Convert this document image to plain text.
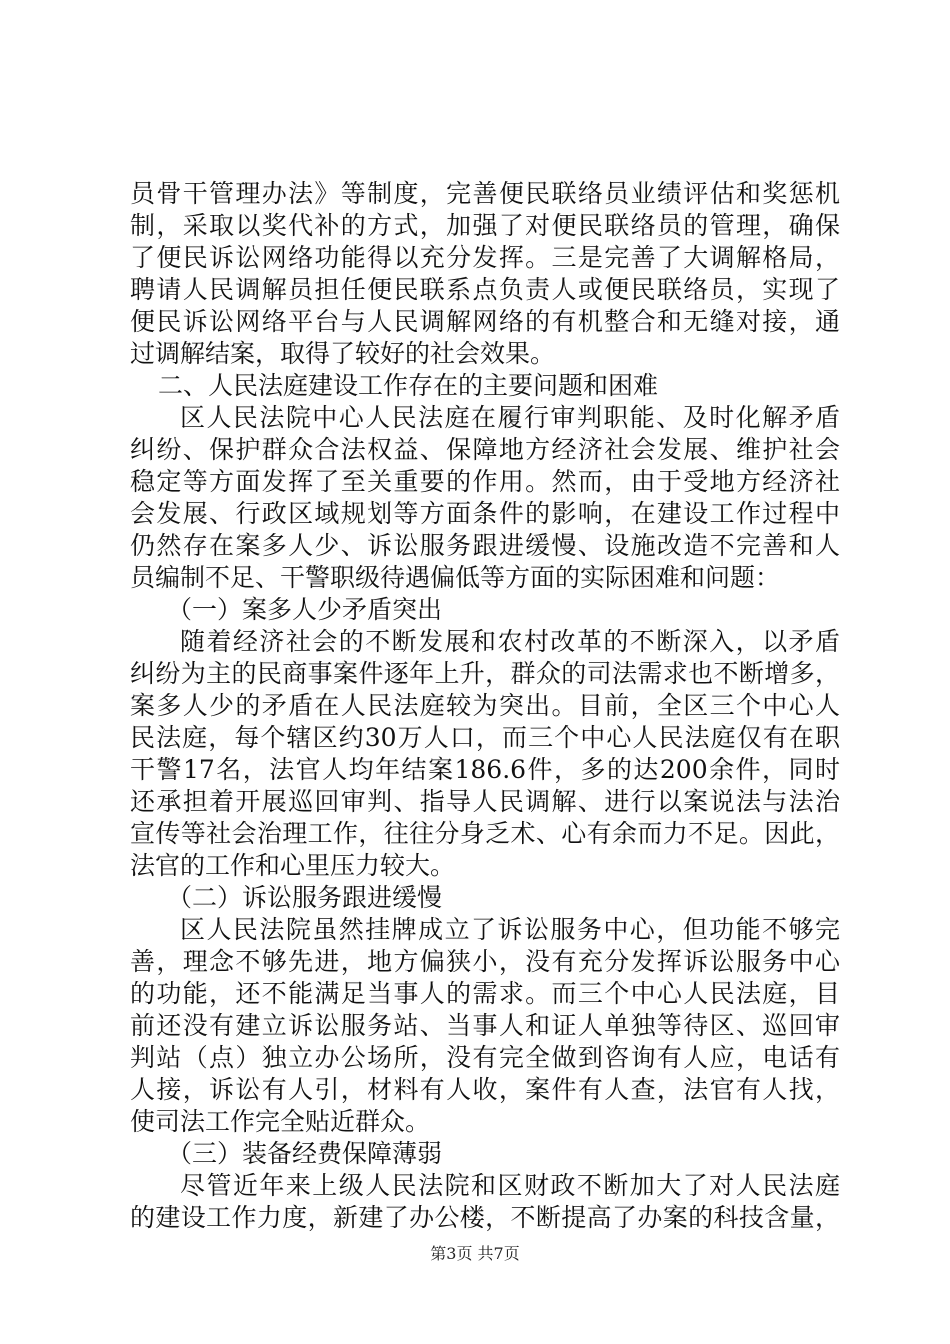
员骨干管理办法》等制度，完善便民联络员业绩评估和奖惩机
制，采取以奖代补的方式，加强了对便民联络员的管理，确保
了便民诉讼网络功能得以充分发挥。三是完善了大调解格局，
聘请人民调解员担任便民联系点负责人或便民联络员，实现了
便民诉讼网络平台与人民调解网络的有机整合和无缝对接，通
过调解结案，取得了较好的社会效果。
二、人民法庭建设工作存在的主要问题和困难
区人民法院中心人民法庭在履行审判职能、及时化解矛盾
纠纷、保护群众合法权益、保障地方经济社会发展、维护社会
稳定等方面发挥了至关重要的作用。然而，由于受地方经济社
会发展、行政区域规划等方面条件的影响，在建设工作过程中
仍然存在案多人少、诉讼服务跟进缓慢、设施改造不完善和人
员编制不足、干警职级待遇偏低等方面的实际困难和问题：
（一）案多人少矛盾突出
随着经济社会的不断发展和农村改革的不断深入，以矛盾
纠纷为主的民商事案件逐年上升，群众的司法需求也不断增多，
案多人少的矛盾在人民法庭较为突出。目前，全区三个中心人
民法庭，每个辖区约30万人口，而三个中心人民法庭仅有在职
干警17名，法官人均年结案186.6件，多的达200余件，同时
还承担着开展巡回审判、指导人民调解、进行以案说法与法治
宣传等社会治理工作，往往分身乏术、心有余而力不足。因此，
法官的工作和心里压力较大。
（二）诉讼服务跟进缓慢
区人民法院虽然挂牌成立了诉讼服务中心，但功能不够完
善，理念不够先进，地方偏狭小，没有充分发挥诉讼服务中心
的功能，还不能满足当事人的需求。而三个中心人民法庭，目
前还没有建立诉讼服务站、当事人和证人单独等待区、巡回审
判站（点）独立办公场所，没有完全做到咨询有人应，电话有
人接，诉讼有人引，材料有人收，案件有人查，法官有人找，
使司法工作完全贴近群众。
（三）装备经费保障薄弱
尽管近年来上级人民法院和区财政不断加大了对人民法庭
的建设工作力度，新建了办公楼，不断提高了办案的科技含量，
第3页 共7页
